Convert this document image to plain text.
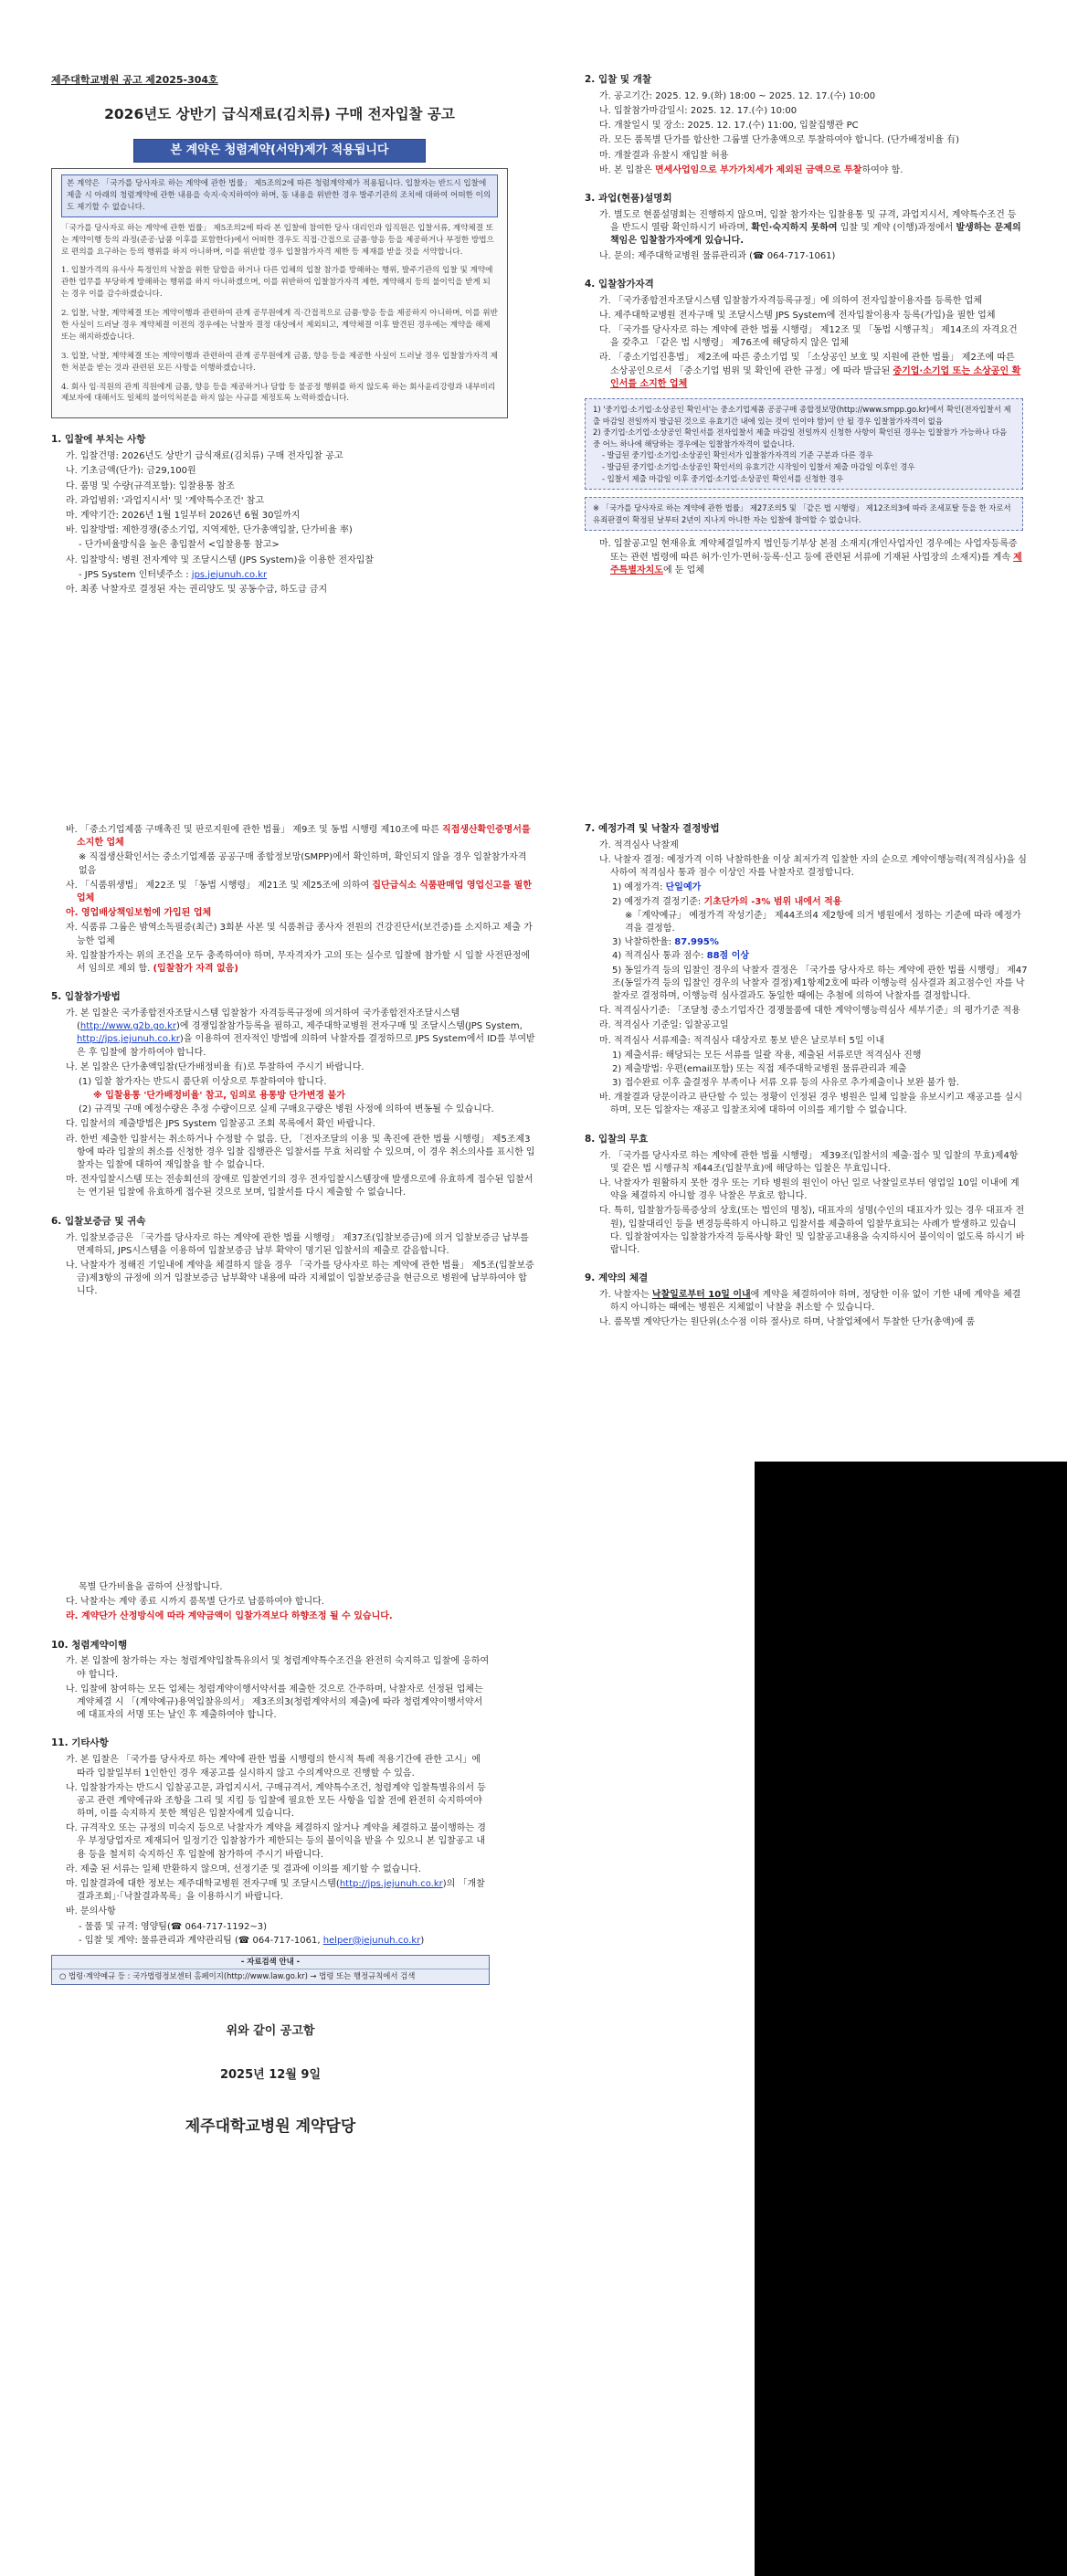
제주대학교병원 공고 제2025-304호
2026년도 상반기 급식재료(김치류) 구매 전자입찰 공고
본 계약은 청렴계약(서약)제가 적용됩니다
본 계약은 「국가를 당사자로 하는 계약에 관한 법률」 제5조의2에 따른 청렴계약제가 적용됩니다. 입찰자는 반드시 입찰에 제출 시 아래의 청렴계약에 관한 내용을 숙지·숙지하여야 하며, 동 내용을 위반한 경우 발주기관의 조치에 대하여 어떠한 이의도 제기할 수 없습니다.

「국가를 당사자로 하는 계약에 관한 법률」 제5조의2에 따라 본 입찰에 참여한 당사 대리인과 임직원은 입찰서류, 계약체결 또는 계약이행 등의 과정(준공·납품 이후를 포함한다)에서 어떠한 경우도 직접·간접으로 금품·향응 등을 제공하거나 부정한 방법으로 편의를 요구하는 등의 행위를 하지 아니하며, 이를 위반할 경우 입찰참가자격 제한 등 제재를 받을 것을 서약합니다.

1. 입찰가격의 유사사 특정인의 낙찰을 위한 담합을 하거나 다른 업체의 입찰 참가를 방해하는 행위, 발주기관의 입찰 및 계약에 관한 업무를 부당하게 방해하는 행위를 하지 아니하겠으며, 이를 위반하여 입찰참가자격 제한, 계약해지 등의 불이익을 받게 되는 경우 이를 감수하겠습니다.

2. 입찰, 낙찰, 계약체결 또는 계약이행과 관련하여 관계 공무원에게 직·간접적으로 금품·향응 등을 제공하지 아니하며, 이를 위반한 사실이 드러날 경우 계약체결 이전의 경우에는 낙찰자 결정 대상에서 제외되고, 계약체결 이후 발견된 경우에는 계약을 해제 또는 해지하겠습니다.

3. 입찰, 낙찰, 계약체결 또는 계약이행과 관련하여 관계 공무원에게 금품, 향응 등을 제공한 사실이 드러날 경우 입찰참가자격 제한 처분을 받는 것과 관련된 모든 사항을 이행하겠습니다.

4. 회사 임·직원의 관계 직원에게 금품, 향응 등을 제공하거나 담합 등 불공정 행위를 하지 않도록 하는 회사윤리강령과 내부비리 제보자에 대해서도 일체의 불이익처분을 하지 않는 사규를 제정토록 노력하겠습니다.

1. 입찰에 부치는 사항
가. 입찰건명: 2026년도 상반기 급식재료(김치류) 구매 전자입찰 공고
나. 기초금액(단가): 금29,100원
다. 품명 및 수량(규격포함): 입찰용통 참조
라. 과업범위: '과업지시서' 및 '계약특수조건' 참고
마. 계약기간: 2026년 1월 1일부터 2026년 6월 30일까지
바. 입찰방법: 제한경쟁(중소기업, 지역제한, 단가총액입찰, 단가비율 率)
- 단가비율방식을 높은 총입찰서 <입찰용통 참고>
사. 입찰방식: 병원 전자계약 및 조달시스템 (JPS System)을 이용한 전자입찰
- JPS System 인터넷주소 : jps.jejunuh.co.kr
아. 최종 낙찰자로 결정된 자는 권리양도 및 공동수급, 하도급 금지
2. 입찰 및 개찰
가. 공고기간: 2025. 12. 9.(화) 18:00 ~ 2025. 12. 17.(수) 10:00
나. 입찰참가마감일시: 2025. 12. 17.(수) 10:00
다. 개찰일시 및 장소: 2025. 12. 17.(수) 11:00, 입찰집행관 PC
라. 모든 품목별 단가를 합산한 그룹별 단가총액으로 투찰하여야 합니다. (단가배정비율 有)
마. 개찰결과 유찰시 재입찰 허용
바. 본 입찰은 면세사업임으로 부가가치세가 제외된 금액으로 투찰하여야 함.
3. 과업(현품)설명회
가. 별도로 현품설명회는 진행하지 않으며, 입찰 참가자는 입찰용통 및 규격, 과업지시서, 계약특수조건 등을 반드시 열람 확인하시기 바라며, 확인·숙지하지 못하여 입찰 및 계약 (이행)과정에서 발생하는 문제의 책임은 입찰참가자에게 있습니다.
나. 문의: 제주대학교병원 물류관리과 (☎ 064-717-1061)
4. 입찰참가자격
가. 「국가종합전자조달시스템 입찰참가자격등록규정」에 의하여 전자입찰이용자를 등록한 업체
나. 제주대학교병원 전자구매 및 조달시스템 JPS System에 전자입찰이용자 등록(가입)을 필한 업체
다. 「국가를 당사자로 하는 계약에 관한 법률 시행령」 제12조 및 「동법 시행규칙」 제14조의 자격요건을 갖추고 「같은 법 시행령」 제76조에 해당하지 않은 업체
라. 「중소기업진흥법」 제2조에 따른 중소기업 및 「소상공인 보호 및 지원에 관한 법률」 제2조에 따른 소상공인으로서 「중소기업 범위 및 확인에 관한 규정」에 따라 발급된 중기업·소기업 또는 소상공인 확인서를 소지한 업체
1) '중기업·소기업·소상공인 확인서'는 중소기업제품 공공구매 종합정보망(http://www.smpp.go.kr)에서 확인(전자입찰서 제출 마감일 전일까지 발급된 것으로 유효기간 내에 있는 것이 인이야 함)이 안 될 경우 입찰참가자격이 없음
2) 중기업·소기업·소상공인 확인서를 전자입찰서 제출 마감일 전일까지 신청한 사항이 확인된 경우는 입찰참가 가능하나 다음 중 어느 하나에 해당하는 경우에는 입찰참가자격이 없습니다.
- 발급된 중기업·소기업·소상공인 확인서가 입찰참가자격의 기준 구분과 다른 경우
- 발급된 중기업·소기업·소상공인 확인서의 유효기간 시작일이 입찰서 제출 마감일 이후인 경우
- 입찰서 제출 마감일 이후 중기업·소기업·소상공인 확인서를 신청한 경우
※ 「국가를 당사자로 하는 계약에 관한 법률」 제27조의5 및 「같은 법 시행령」 제12조의3에 따라 조세포탈 등을 한 자로서 유죄판결이 확정된 날부터 2년이 지나지 아니한 자는 입찰에 참여할 수 없습니다.
마. 입찰공고일 현재유효 계약체결일까지 법인등기부상 본점 소재지(개인사업자인 경우에는 사업자등록증 또는 관련 법령에 따른 허가·인가·면허·등록·신고 등에 관련된 서류에 기재된 사업장의 소재지)를 계속 제주특별자치도에 둔 업체
바. 「중소기업제품 구매촉진 및 판로지원에 관한 법률」 제9조 및 동법 시행령 제10조에 따른 직접생산확인증명서를 소지한 업체
※ 직접생산확인서는 중소기업제품 공공구매 종합정보망(SMPP)에서 확인하며, 확인되지 않을 경우 입찰참가자격 없음
사. 「식품위생법」 제22조 및 「동법 시행령」 제21조 및 제25조에 의하여 집단급식소 식품판매업 영업신고를 필한 업체
아. 영업배상책임보험에 가입된 업체
자. 식품류 그룹은 밤역소독필증(최근) 3회분 사본 및 식품취급 종사자 전원의 건강진단서(보건증)를 소지하고 제출 가능한 업체
차. 입찰참가자는 위의 조건을 모두 충족하여야 하며, 무자격자가 고의 또는 실수로 입찰에 참가할 시 입찰 사전판정에서 임의로 제외 함. (입찰참가 자격 없음)
5. 입찰참가방법
가. 본 입찰은 국가종합전자조달시스템 입찰참가 자격등록규정에 의거하여 국가종합전자조달시스템(http://www.g2b.go.kr)에 경쟁입찰참가등록을 필하고, 제주대학교병원 전자구매 및 조달시스템(JPS System, http://jps.jejunuh.co.kr)을 이용하여 전자적인 방법에 의하여 낙찰자를 결정하므로 JPS System에서 ID를 부여받은 후 입찰에 참가하여야 합니다.
나. 본 입찰은 단가총액입찰(단가배정비율 有)로 투찰하여 주시기 바랍니다.
(1) 입찰 참가자는 반드시 품단위 이상으로 투찰하여야 합니다.
※ 입찰용통 '단가배정비율' 참고, 임의로 용통방 단가변경 불가
(2) 규격및 구매 예정수량은 추정 수량이므로 실제 구매요구량은 병원 사정에 의하여 변동될 수 있습니다.
다. 입찰서의 제출방법은 JPS System 입찰공고 조회 목록에서 확인 바랍니다.
라. 한번 제출한 입찰서는 취소하거나 수정할 수 없음. 단, 「전자조달의 이용 및 촉진에 관한 법률 시행령」 제5조제3항에 따라 입찰의 취소를 신청한 경우 입찰 집행관은 입찰서를 무효 처리할 수 있으며, 이 경우 취소의사를 표시한 입찰자는 입찰에 대하여 재입찰을 할 수 없습니다.
마. 전자입찰시스템 또는 전송회선의 장애로 입찰연기의 경우 전자입찰시스템장애 발생으로에 유효하게 접수된 입찰서는 연기된 입찰에 유효하게 접수된 것으로 보며, 입찰서를 다시 제출할 수 없습니다.
6. 입찰보증금 및 귀속
가. 입찰보증금은 「국가를 당사자로 하는 계약에 관한 법률 시행령」 제37조(입찰보증금)에 의거 입찰보증금 납부를 면제하되, JPS시스템을 이용하여 입찰보증금 납부 확약이 명기된 입찰서의 제출로 갈음합니다.
나. 낙찰자가 정해진 기일내에 계약을 체결하지 않을 경우 「국가를 당사자로 하는 계약에 관한 법률」 제5조(입찰보증금)제3항의 규정에 의거 입찰보증금 납부확약 내용에 따라 지체없이 입찰보증금을 현금으로 병원에 납부하여야 합니다.
7. 예정가격 및 낙찰자 결정방법
가. 적격심사 낙찰제
나. 낙찰자 결정: 예정가격 이하 낙찰하한율 이상 최저가격 입찰한 자의 순으로 계약이행능력(적격심사)을 심사하여 적격심사 통과 점수 이상인 자를 낙찰자로 결정합니다.
1) 예정가격: 단일예가
2) 예정가격 결정기준: 기초단가의 -3% 범위 내에서 적용
※「계약예규」 예정가격 작성기준」 제44조의4 제2항에 의거 병원에서 정하는 기준에 따라 예정가격을 결정함.
3) 낙찰하한율: 87.995%
4) 적격심사 통과 점수: 88점 이상
5) 동일가격 등의 입찰인 경우의 낙찰자 결정은 「국가를 당사자로 하는 계약에 관한 법률 시행령」 제47조(동일가격 등의 입찰인 경우의 낙찰자 결정)제1항제2호에 따라 이행능력 심사결과 최고점수인 자를 낙찰자로 결정하며, 이행능력 심사결과도 동일한 때에는 추첨에 의하여 낙찰자를 결정합니다.
다. 적격심사기준: 「조달청 중소기업자간 경쟁물품에 대한 계약이행능력심사 세부기준」의 평가기준 적용
라. 적격심사 기준일: 입찰공고일
마. 적격심사 서류제출: 적격심사 대상자로 통보 받은 날로부터 5일 이내
1) 제출서류: 해당되는 모든 서류를 일괄 작용, 제출된 서류로만 적격심사 진행
2) 제출방법: 우편(email포함) 또는 직접 제주대학교병원 물류관리과 제출
3) 접수완료 이후 출결정우 부족이나 서류 오류 등의 사유로 추가제출이나 보완 불가 함.
바. 개찰결과 당문이라고 판단할 수 있는 정황이 인정된 경우 병원은 일체 입찰을 유보시키고 재공고를 실시하며, 모든 입찰자는 재공고 입찰조치에 대하여 이의를 제기할 수 없습니다.
8. 입찰의 무효
가. 「국가를 당사자로 하는 계약에 관한 법률 시행령」 제39조(입찰서의 제출·접수 및 입찰의 무효)제4항 및 같은 법 시행규칙 제44조(입찰무효)에 해당하는 입찰은 무효입니다.
나. 낙찰자가 원활하지 못한 경우 또는 기타 병원의 원인이 아닌 일로 낙찰일로부터 영업일 10일 이내에 계약을 체결하지 아니할 경우 낙찰은 무효로 합니다.
다. 특히, 입찰참가등록증상의 상호(또는 법인의 명칭), 대표자의 성명(수인의 대표자가 있는 경우 대표자 전원), 입찰대리인 등을 변경등록하지 아니하고 입찰서를 제출하여 입찰무효되는 사례가 발생하고 있습니다. 입찰참여자는 입찰참가자격 등록사항 확인 및 입찰공고내용을 숙지하시어 불이익이 없도록 하시기 바랍니다.
9. 계약의 체결
가. 낙찰자는 낙찰일로부터 10일 이내에 계약을 체결하여야 하며, 정당한 이유 없이 기한 내에 계약을 체결하지 아니하는 때에는 병원은 지체없이 낙찰을 취소할 수 있습니다.
나. 품목별 계약단가는 원단위(소수점 이하 절사)로 하며, 낙찰업체에서 투찰한 단가(총액)에 품
목별 단가비율을 곱하여 산정합니다.
다. 낙찰자는 계약 종료 시까지 품목별 단가로 납품하여야 합니다.
라. 계약단가 산정방식에 따라 계약금액이 입찰가격보다 하향조정 될 수 있습니다.
10. 청렴계약이행
가. 본 입찰에 참가하는 자는 청렴계약입찰특유의서 및 청렴계약특수조건을 완전히 숙지하고 입찰에 응하여야 합니다.
나. 입찰에 참여하는 모든 업체는 청렴계약이행서약서를 제출한 것으로 간주하며, 낙찰자로 선정된 업체는 계약체결 시 「(계약예규)용역입찰유의서」 제3조의3(청렴계약서의 제출)에 따라 청렴계약이행서약서에 대표자의 서명 또는 날인 후 제출하여야 합니다.
11. 기타사항
가. 본 입찰은 「국가를 당사자로 하는 계약에 관한 법률 시행령의 한시적 특례 적용기간에 관한 고시」에 따라 입찰일부터 1인한인 경우 재공고를 실시하지 않고 수의계약으로 진행할 수 있음.
나. 입찰참가자는 반드시 입찰공고문, 과업지시서, 구매규격서, 계약특수조건, 청렴계약 입찰특별유의서 등 공고 관련 계약에규와 조항을 그리 및 지킴 등 입찰에 필요한 모든 사항을 입찰 전에 완전히 숙지하여야 하며, 이를 숙지하지 못한 책임은 입찰자에게 있습니다.
다. 규격작오 또는 규정의 미숙지 등으로 낙찰자가 계약을 체결하지 않거나 계약을 체결하고 불이행하는 경우 부정당업자로 제재되어 일정기간 입찰참가가 제한되는 등의 불이익을 받을 수 있으니 본 입찰공고 내용 등을 철저히 숙지하신 후 입찰에 참가하여 주시기 바랍니다.
라. 제출 된 서류는 일체 반환하지 않으며, 선정기준 및 결과에 이의를 제기할 수 없습니다.
마. 입찰결과에 대한 정보는 제주대학교병원 전자구매 및 조달시스템(http://jps.jejunuh.co.kr)의 「개찰결과조회」·「낙찰결과목록」을 이용하시기 바랍니다.
바. 문의사항
- 물품 및 규격: 영양팀(☎ 064-717-1192~3)
- 입찰 및 계약: 물류관리과 계약관리팀 (☎ 064-717-1061, helper@jejunuh.co.kr)
- 자료검색 안내 -
○ 법령·계약예규 등 : 국가법령정보센터 홈페이지(http://www.law.go.kr) → 법령 또는 행정규칙에서 검색
위와 같이 공고함
2025년 12월 9일
제주대학교병원 계약담당
